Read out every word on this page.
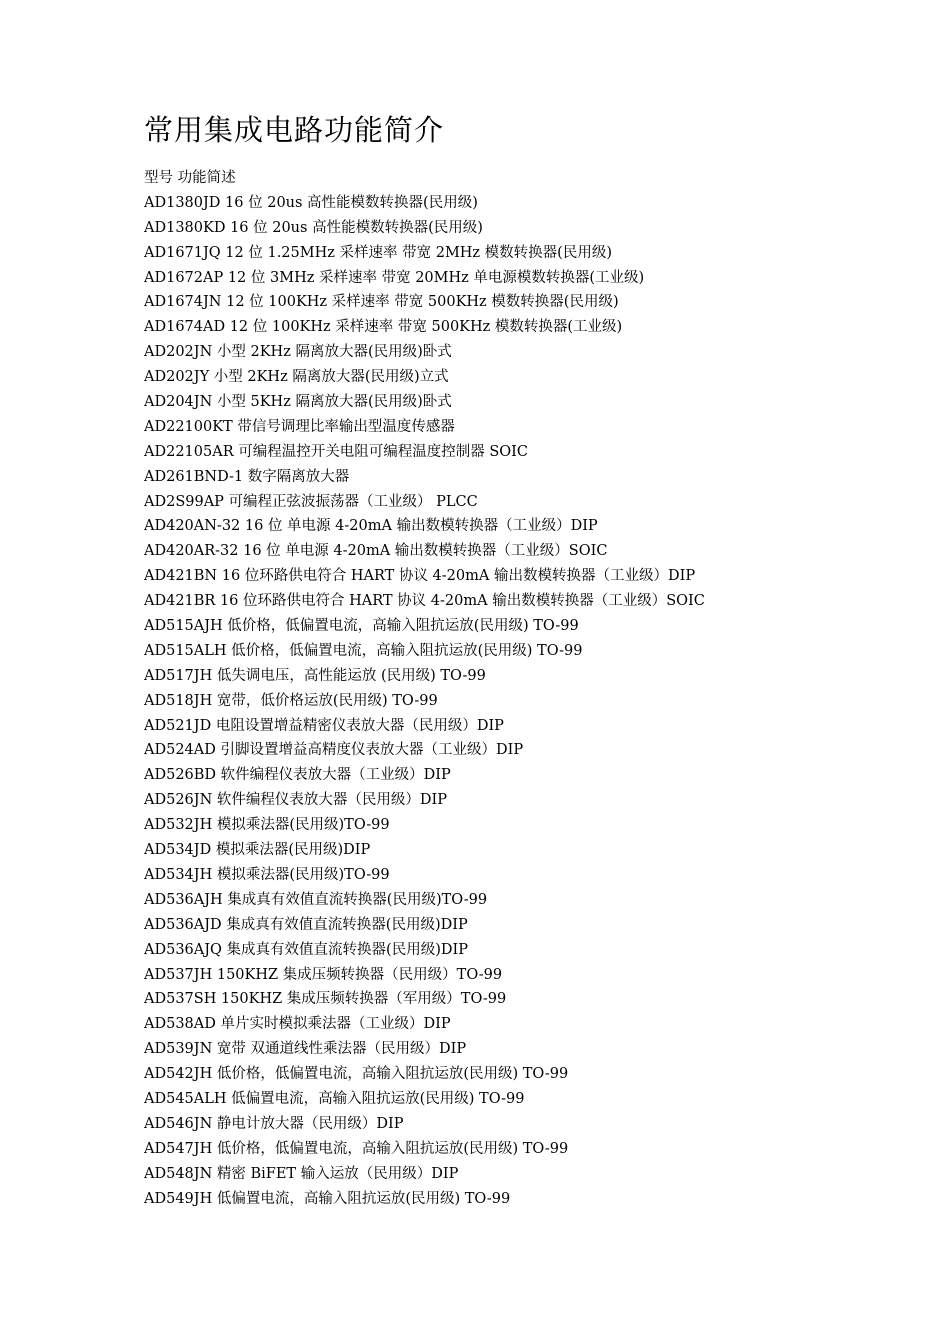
常用集成电路功能简介
型号 功能简述
AD1380JD 16 位 20us 高性能模数转换器(民用级)
AD1380KD 16 位 20us 高性能模数转换器(民用级)
AD1671JQ 12 位 1.25MHz 采样速率 带宽 2MHz 模数转换器(民用级)
AD1672AP 12 位 3MHz 采样速率 带宽 20MHz 单电源模数转换器(工业级)
AD1674JN 12 位 100KHz 采样速率 带宽 500KHz 模数转换器(民用级)
AD1674AD 12 位 100KHz 采样速率 带宽 500KHz 模数转换器(工业级)
AD202JN 小型 2KHz 隔离放大器(民用级)卧式
AD202JY 小型 2KHz 隔离放大器(民用级)立式
AD204JN 小型 5KHz 隔离放大器(民用级)卧式
AD22100KT 带信号调理比率输出型温度传感器
AD22105AR 可编程温控开关电阻可编程温度控制器 SOIC
AD261BND-1 数字隔离放大器
AD2S99AP 可编程正弦波振荡器（工业级） PLCC
AD420AN-32 16 位 单电源 4-20mA 输出数模转换器（工业级）DIP
AD420AR-32 16 位 单电源 4-20mA 输出数模转换器（工业级）SOIC
AD421BN 16 位环路供电符合 HART 协议 4-20mA 输出数模转换器（工业级）DIP
AD421BR 16 位环路供电符合 HART 协议 4-20mA 输出数模转换器（工业级）SOIC
AD515AJH 低价格，低偏置电流，高输入阻抗运放(民用级) TO-99
AD515ALH 低价格，低偏置电流，高输入阻抗运放(民用级) TO-99
AD517JH 低失调电压，高性能运放 (民用级) TO-99
AD518JH 宽带，低价格运放(民用级) TO-99
AD521JD 电阻设置增益精密仪表放大器（民用级）DIP
AD524AD 引脚设置增益高精度仪表放大器（工业级）DIP
AD526BD 软件编程仪表放大器（工业级）DIP
AD526JN 软件编程仪表放大器（民用级）DIP
AD532JH 模拟乘法器(民用级)TO-99
AD534JD 模拟乘法器(民用级)DIP
AD534JH 模拟乘法器(民用级)TO-99
AD536AJH 集成真有效值直流转换器(民用级)TO-99
AD536AJD 集成真有效值直流转换器(民用级)DIP
AD536AJQ 集成真有效值直流转换器(民用级)DIP
AD537JH 150KHZ 集成压频转换器（民用级）TO-99
AD537SH 150KHZ 集成压频转换器（军用级）TO-99
AD538AD 单片实时模拟乘法器（工业级）DIP
AD539JN 宽带 双通道线性乘法器（民用级）DIP
AD542JH 低价格，低偏置电流，高输入阻抗运放(民用级) TO-99
AD545ALH 低偏置电流，高输入阻抗运放(民用级) TO-99
AD546JN 静电计放大器（民用级）DIP
AD547JH 低价格，低偏置电流，高输入阻抗运放(民用级) TO-99
AD548JN 精密 BiFET 输入运放（民用级）DIP
AD549JH 低偏置电流，高输入阻抗运放(民用级) TO-99
